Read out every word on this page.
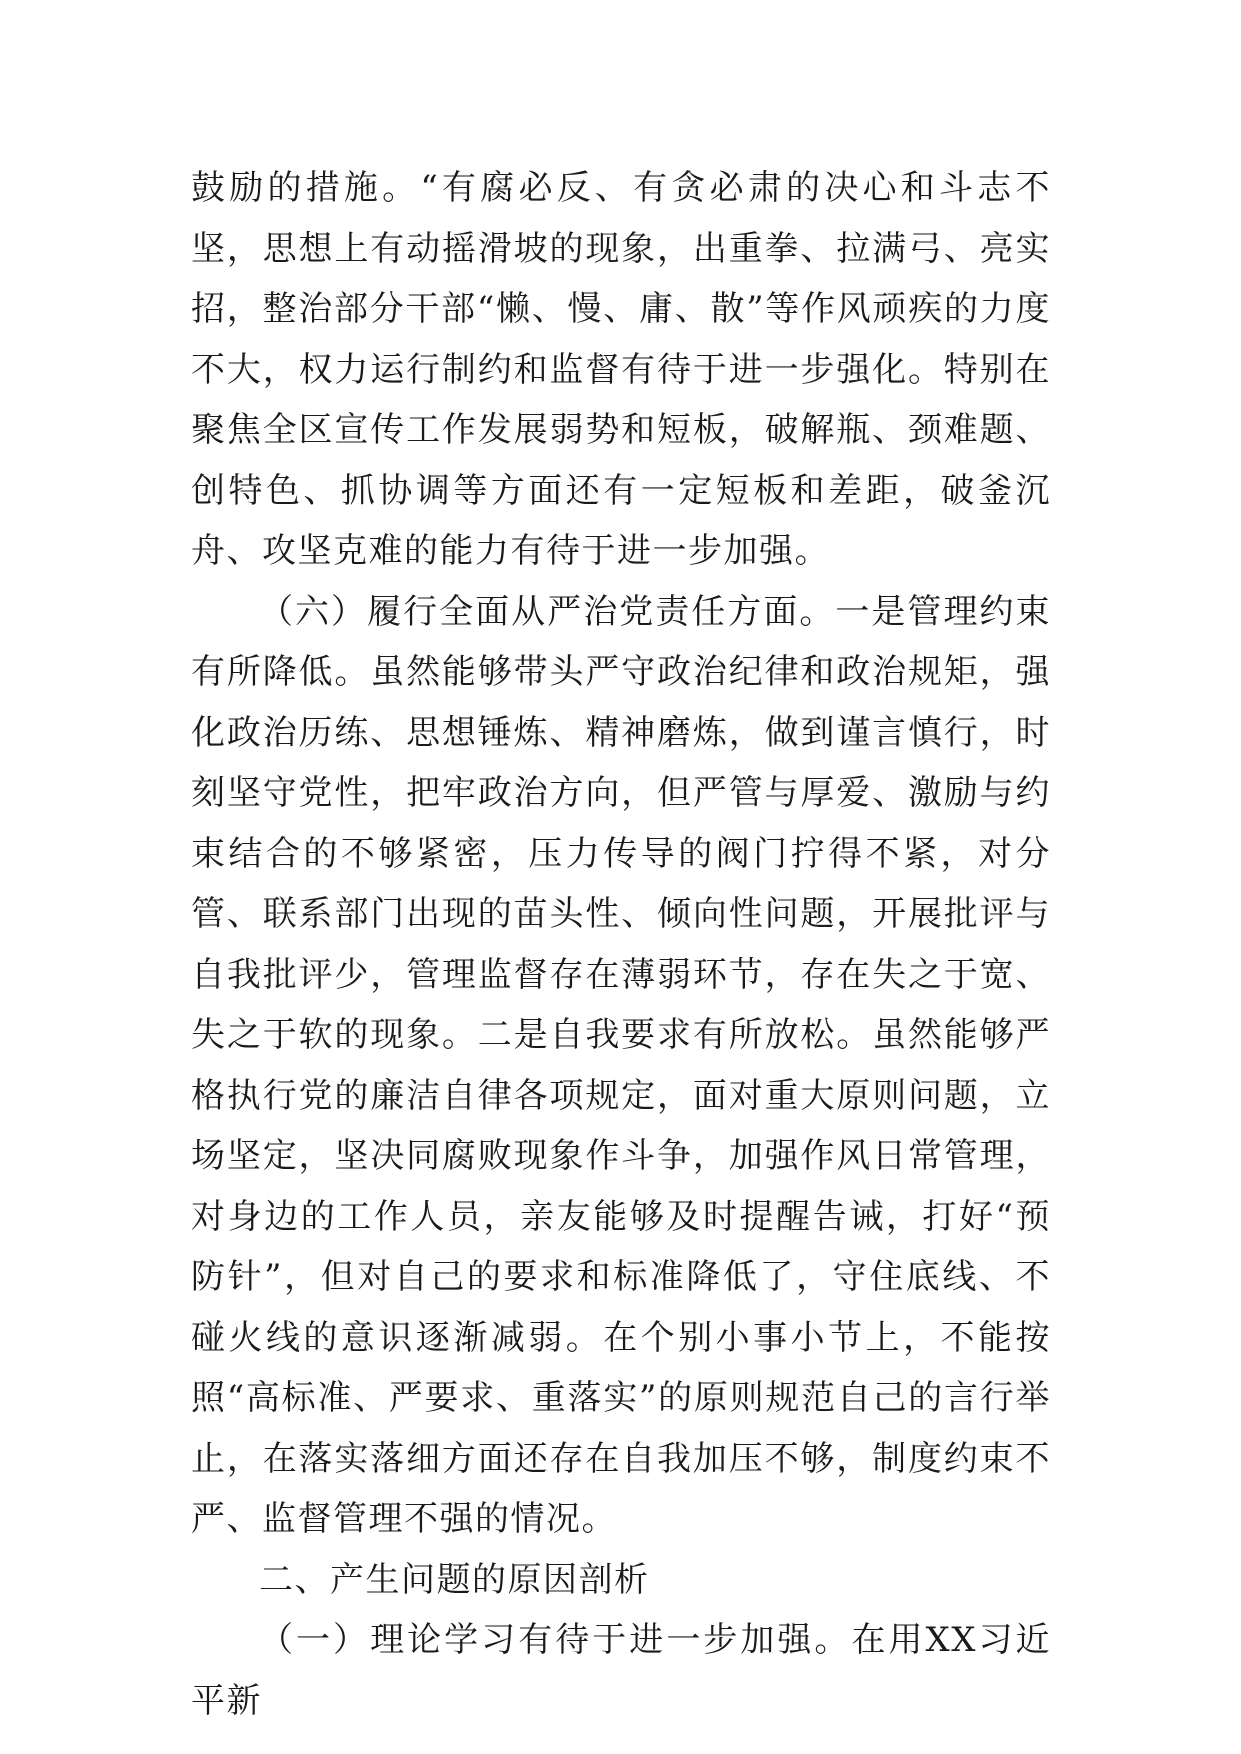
鼓励的措施。“有腐必反、有贪必肃的决心和斗志不坚，思想上有动摇滑坡的现象，出重拳、拉满弓、亮实招，整治部分干部“懒、慢、庸、散”等作风顽疾的力度不大，权力运行制约和监督有待于进一步强化。特别在聚焦全区宣传工作发展弱势和短板，破解瓶、颈难题、创特色、抓协调等方面还有一定短板和差距，破釜沉舟、攻坚克难的能力有待于进一步加强。

（六）履行全面从严治党责任方面。一是管理约束有所降低。虽然能够带头严守政治纪律和政治规矩，强化政治历练、思想锤炼、精神磨炼，做到谨言慎行，时刻坚守党性，把牢政治方向，但严管与厚爱、激励与约束结合的不够紧密，压力传导的阀门拧得不紧，对分管、联系部门出现的苗头性、倾向性问题，开展批评与自我批评少，管理监督存在薄弱环节，存在失之于宽、失之于软的现象。二是自我要求有所放松。虽然能够严格执行党的廉洁自律各项规定，面对重大原则问题，立场坚定，坚决同腐败现象作斗争，加强作风日常管理，对身边的工作人员，亲友能够及时提醒告诫，打好“预防针”，但对自己的要求和标准降低了，守住底线、不碰火线的意识逐渐减弱。在个别小事小节上，不能按照“高标准、严要求、重落实”的原则规范自己的言行举止，在落实落细方面还存在自我加压不够，制度约束不严、监督管理不强的情况。

二、产生问题的原因剖析

（一）理论学习有待于进一步加强。在用XX习近平新
